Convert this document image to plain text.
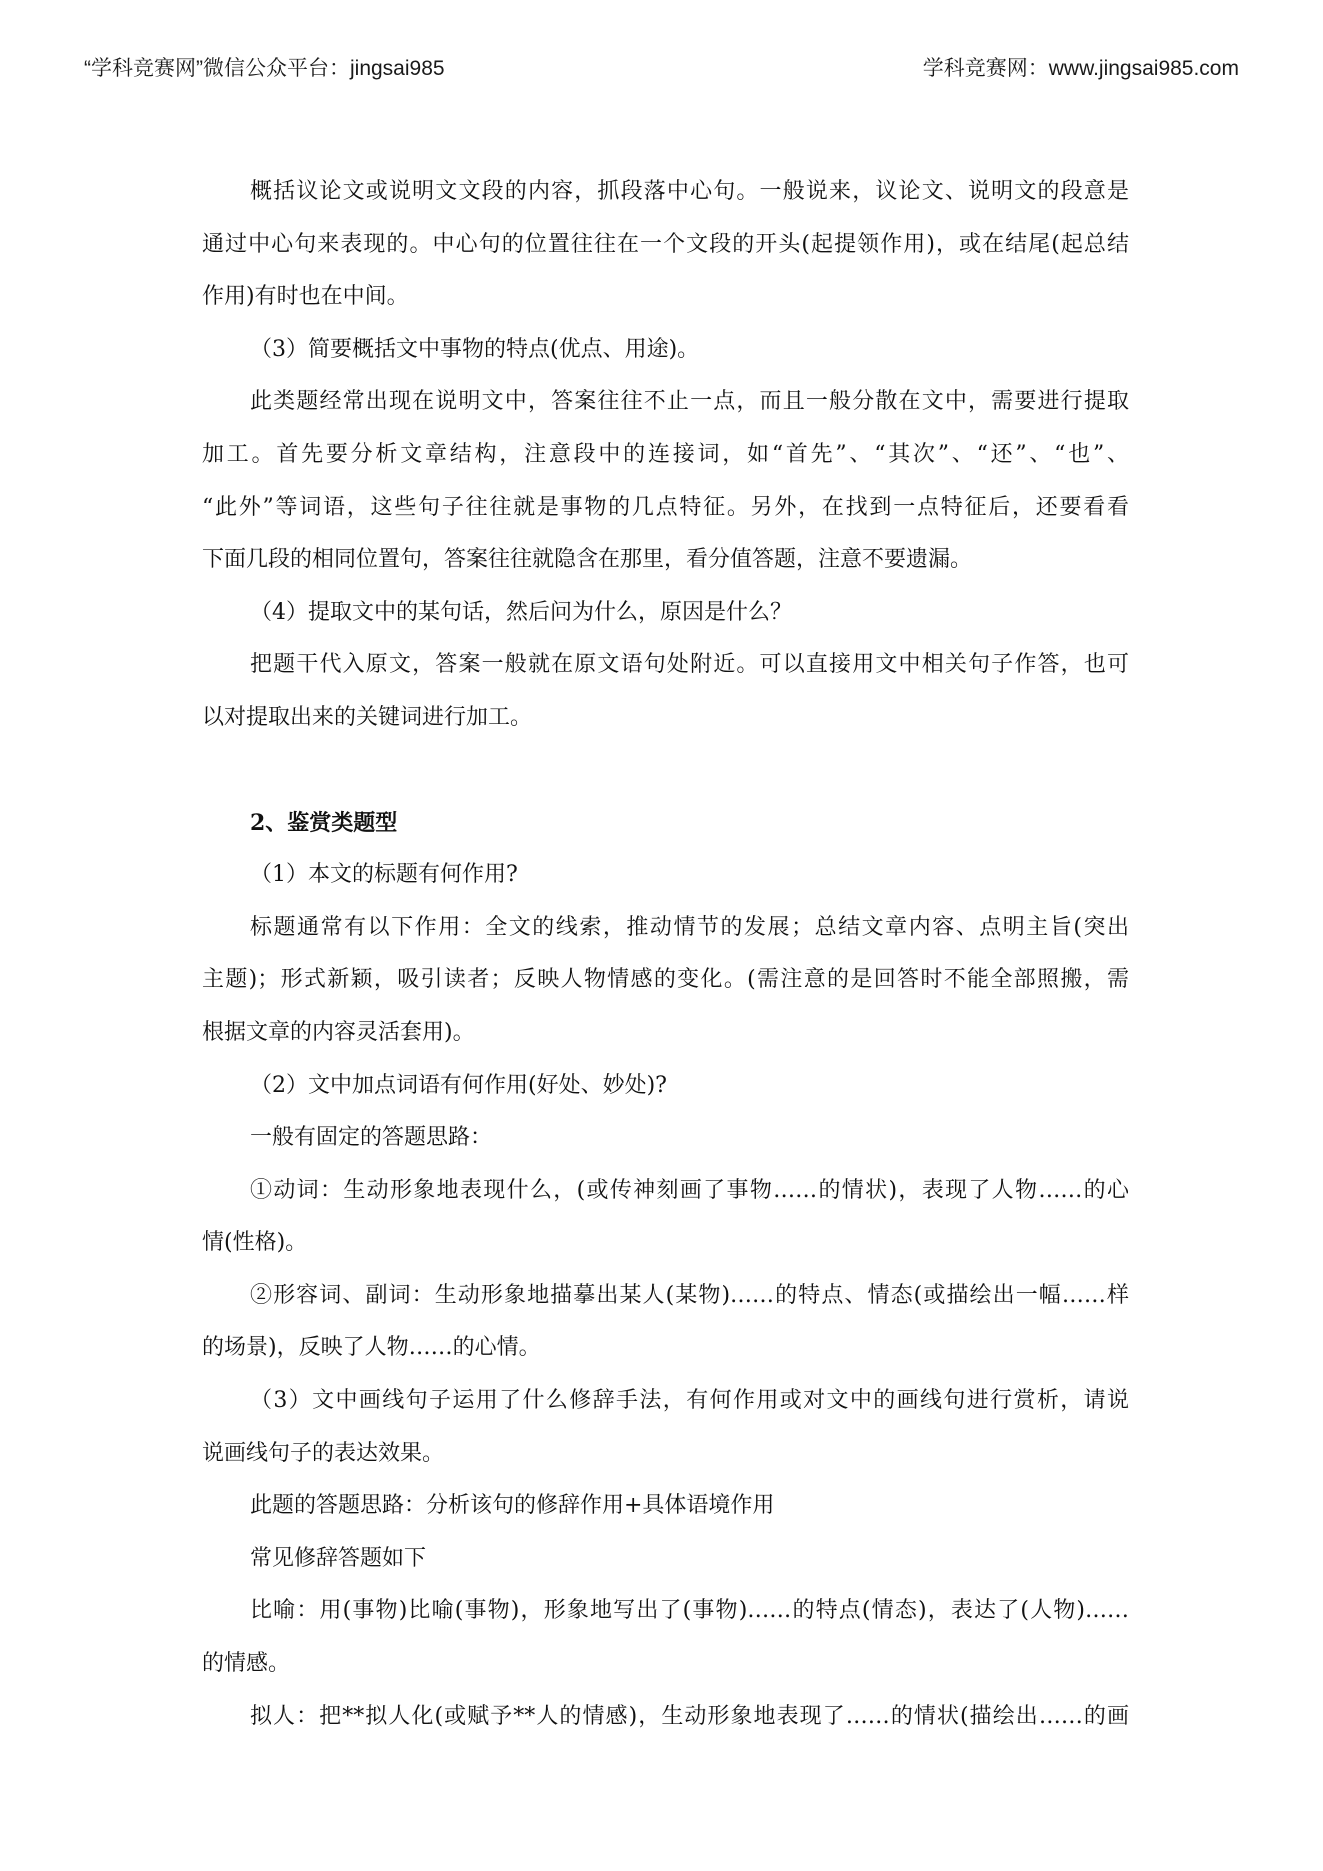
“学科竞赛网”微信公众平台：jingsai985	学科竞赛网：www.jingsai985.com
概括议论文或说明文文段的内容，抓段落中心句。一般说来，议论文、说明文的段意是
通过中心句来表现的。中心句的位置往往在一个文段的开头(起提领作用)，或在结尾(起总结
作用)有时也在中间。
（3）简要概括文中事物的特点(优点、用途)。
此类题经常出现在说明文中，答案往往不止一点，而且一般分散在文中，需要进行提取
加工。首先要分析文章结构，注意段中的连接词，如“首先”、“其次”、“还”、“也”、
“此外”等词语，这些句子往往就是事物的几点特征。另外，在找到一点特征后，还要看看
下面几段的相同位置句，答案往往就隐含在那里，看分值答题，注意不要遗漏。
（4）提取文中的某句话，然后问为什么，原因是什么？
把题干代入原文，答案一般就在原文语句处附近。可以直接用文中相关句子作答，也可
以对提取出来的关键词进行加工。
2、鉴赏类题型
（1）本文的标题有何作用?
标题通常有以下作用：全文的线索，推动情节的发展；总结文章内容、点明主旨(突出
主题)；形式新颖，吸引读者；反映人物情感的变化。(需注意的是回答时不能全部照搬，需
根据文章的内容灵活套用)。
（2）文中加点词语有何作用(好处、妙处)?
一般有固定的答题思路：
①动词：生动形象地表现什么，(或传神刻画了事物……的情状)，表现了人物……的心
情(性格)。
②形容词、副词：生动形象地描摹出某人(某物)……的特点、情态(或描绘出一幅……样
的场景)，反映了人物……的心情。
（3）文中画线句子运用了什么修辞手法，有何作用或对文中的画线句进行赏析，请说
说画线句子的表达效果。
此题的答题思路：分析该句的修辞作用+具体语境作用
常见修辞答题如下
比喻：用(事物)比喻(事物)，形象地写出了(事物)……的特点(情态)，表达了(人物)……
的情感。
拟人：把**拟人化(或赋予**人的情感)，生动形象地表现了……的情状(描绘出……的画
